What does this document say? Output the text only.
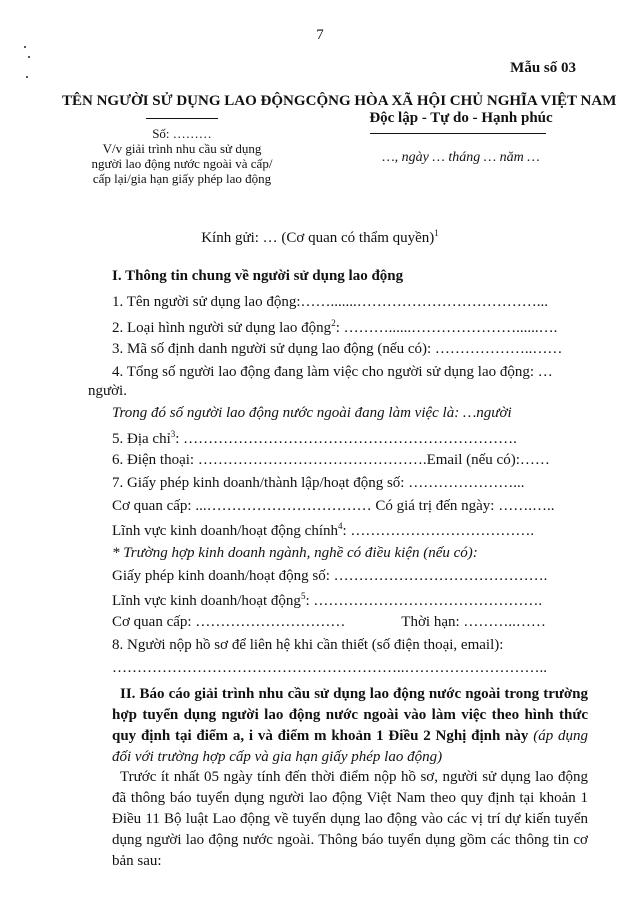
7
Mẫu số 03
TÊN NGƯỜI SỬ DỤNG LAO ĐỘNG
Số: ………
V/v giải trình nhu cầu sử dụng
người lao động nước ngoài và cấp/
cấp lại/gia hạn giấy phép lao động
CỘNG HÒA XÃ HỘI CHỦ NGHĨA VIỆT NAM
Độc lập - Tự do - Hạnh phúc
…, ngày … tháng … năm …
Kính gửi: … (Cơ quan có thẩm quyền)$^1$
I. Thông tin chung về người sử dụng lao động
1. Tên người sử dụng lao động:…….......………………………………...
2. Loại hình người sử dụng lao động$^2$: ………......…………………......….
3. Mã số định danh người sử dụng lao động (nếu có): ………………..……
4. Tổng số người lao động đang làm việc cho người sử dụng lao động: …
người.
Trong đó số người lao động nước ngoài đang làm việc là: …người
5. Địa chỉ$^3$: ………………………………………………………….
6. Điện thoại: ……………………………………….Email (nếu có):……
7. Giấy phép kinh doanh/thành lập/hoạt động số: …………………...
Cơ quan cấp: ...…………………………… Có giá trị đến ngày: …….…..
Lĩnh vực kinh doanh/hoạt động chính$^4$: ……………………………….
* Trường hợp kinh doanh ngành, nghề có điều kiện (nếu có):
Giấy phép kinh doanh/hoạt động số: …………………………………….
Lĩnh vực kinh doanh/hoạt động$^5$: ……………………………………….
Cơ quan cấp: …………………………               Thời hạn: ………..……
8. Người nộp hồ sơ để liên hệ khi cần thiết (số điện thoại, email):
…………………………………………………..………………………..
II. Báo cáo giải trình nhu cầu sử dụng lao động nước ngoài trong trường hợp tuyển dụng người lao động nước ngoài vào làm việc theo hình thức quy định tại điểm a, i và điểm m khoản 1 Điều 2 Nghị định này (áp dụng đối với trường hợp cấp và gia hạn giấy phép lao động)
Trước ít nhất 05 ngày tính đến thời điểm nộp hồ sơ, người sử dụng lao động đã thông báo tuyển dụng người lao động Việt Nam theo quy định tại khoản 1 Điều 11 Bộ luật Lao động về tuyển dụng lao động vào các vị trí dự kiến tuyển dụng người lao động nước ngoài. Thông báo tuyển dụng gồm các thông tin cơ bản sau:
